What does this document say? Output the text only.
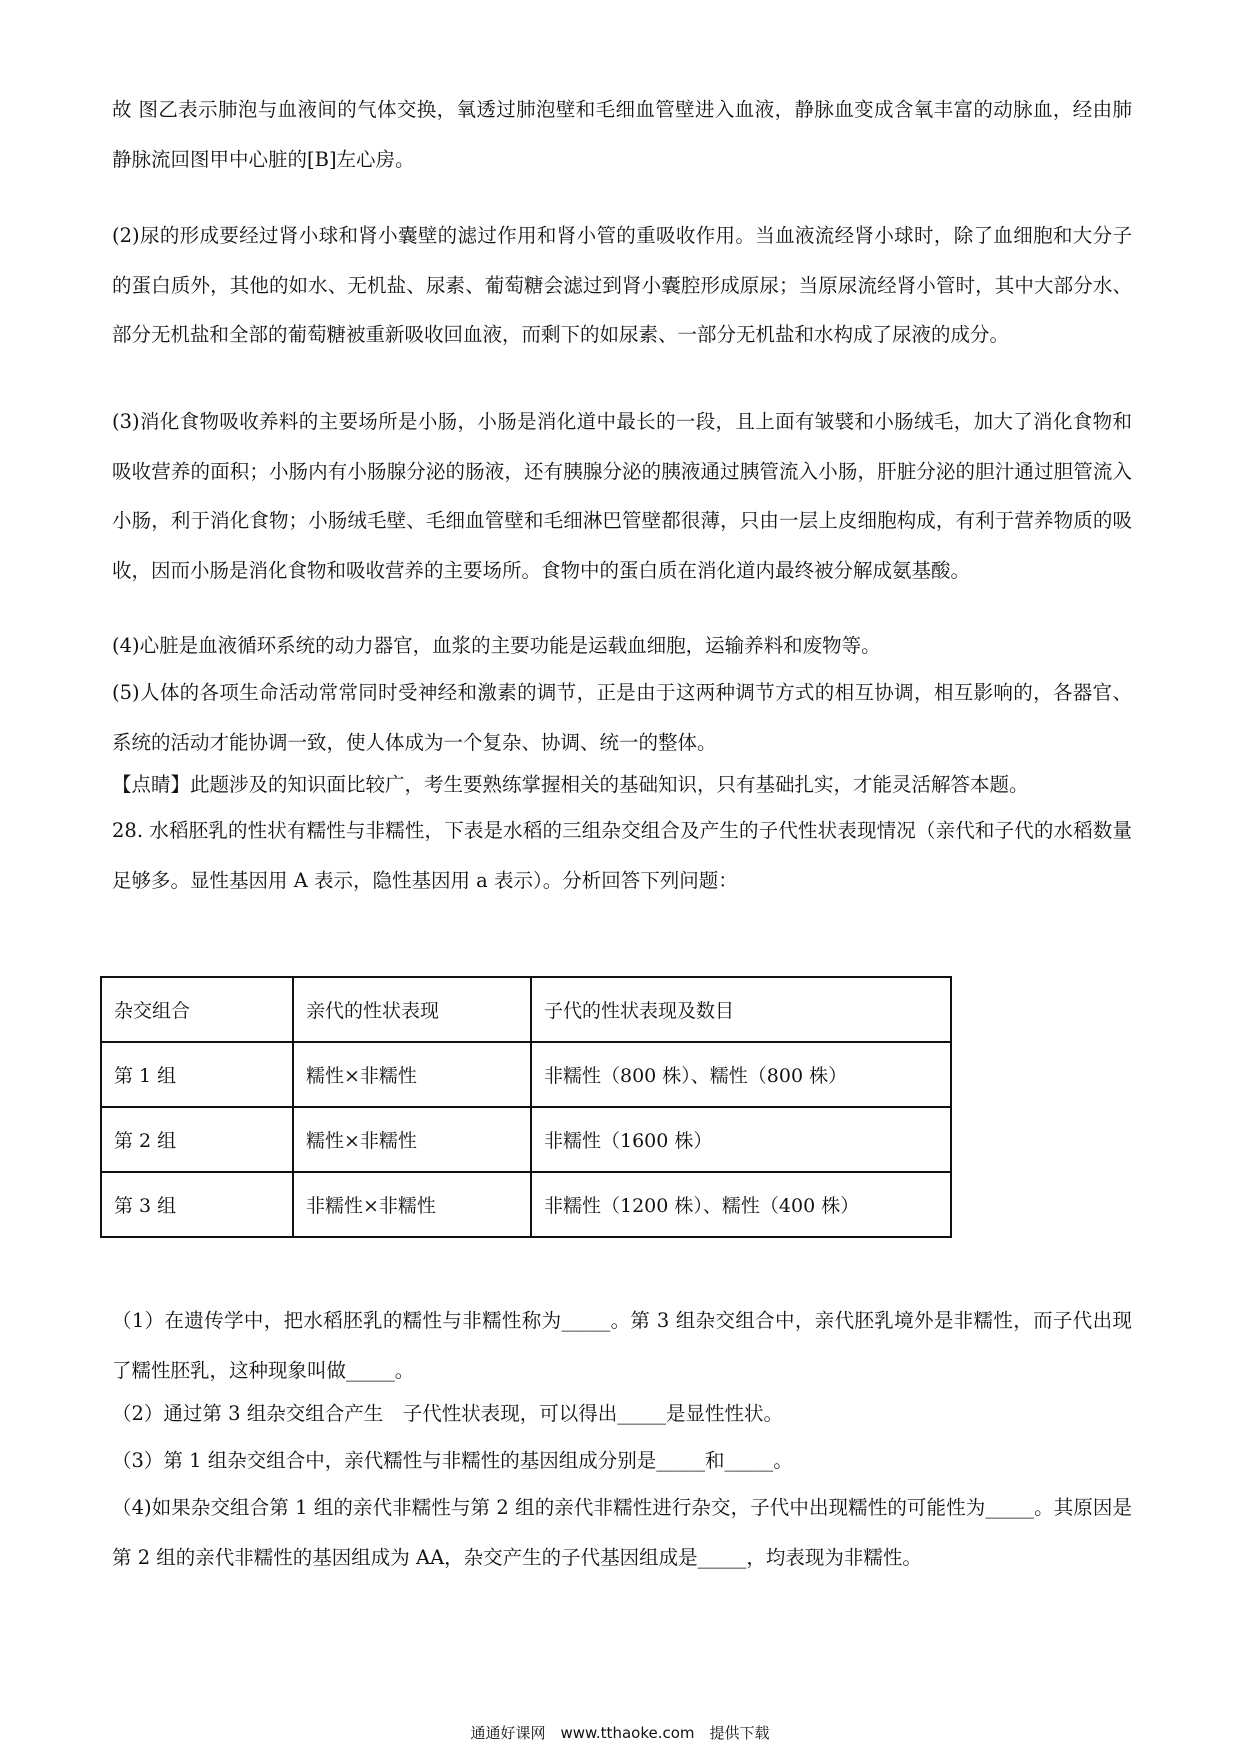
故 图乙表示肺泡与血液间的气体交换，氧透过肺泡壁和毛细血管壁进入血液，静脉血变成含氧丰富的动脉血，经由肺静脉流回图甲中心脏的[B]左心房。

(2)尿的形成要经过肾小球和肾小囊壁的滤过作用和肾小管的重吸收作用。当血液流经肾小球时，除了血细胞和大分子的蛋白质外，其他的如水、无机盐、尿素、葡萄糖会滤过到肾小囊腔形成原尿；当原尿流经肾小管时，其中大部分水、 部分无机盐和全部的葡萄糖被重新吸收回血液，而剩下的如尿素、一部分无机盐和水构成了尿液的成分。

(3)消化食物吸收养料的主要场所是小肠，小肠是消化道中最长的一段，且上面有皱襞和小肠绒毛，加大了消化食物和吸收营养的面积；小肠内有小肠腺分泌的肠液，还有胰腺分泌的胰液通过胰管流入小肠，肝脏分泌的胆汁通过胆管流入小肠，利于消化食物；小肠绒毛壁、毛细血管壁和毛细淋巴管壁都很薄，只由一层上皮细胞构成，有利于营养物质的吸收，因而小肠是消化食物和吸收营养的主要场所。食物中的蛋白质在消化道内最终被分解成氨基酸。

(4)心脏是血液循环系统的动力器官，血浆的主要功能是运载血细胞，运输养料和废物等。

(5)人体的各项生命活动常常同时受神经和激素的调节，正是由于这两种调节方式的相互协调，相互影响的，各器官、系统的活动才能协调一致，使人体成为一个复杂、协调、统一的整体。

【点睛】此题涉及的知识面比较广，考生要熟练掌握相关的基础知识，只有基础扎实，才能灵活解答本题。

28. 水稻胚乳的性状有糯性与非糯性，下表是水稻的三组杂交组合及产生的子代性状表现情况（亲代和子代的水稻数量足够多。显性基因用 A 表示，隐性基因用 a 表示）。分析回答下列问题：

杂交组合	亲代的性状表现	子代的性状表现及数目
第 1 组	糯性×非糯性	非糯性（800 株）、糯性（800 株）
第 2 组	糯性×非糯性	非糯性（1600 株）
第 3 组	非糯性×非糯性	非糯性（1200 株）、糯性（400 株）

（1）在遗传学中，把水稻胚乳的糯性与非糯性称为_____。第 3 组杂交组合中，亲代胚乳境外是非糯性，而子代出现了糯性胚乳，这种现象叫做_____。

（2）通过第 3 组杂交组合产生　子代性状表现，可以得出_____是显性性状。

（3）第 1 组杂交组合中，亲代糯性与非糯性的基因组成分别是_____和_____。

（4)如果杂交组合第 1 组的亲代非糯性与第 2 组的亲代非糯性进行杂交，子代中出现糯性的可能性为_____。其原因是第 2 组的亲代非糯性的基因组成为 AA，杂交产生的子代基因组成是_____，均表现为非糯性。

通通好课网　www.tthaoke.com　提供下载
